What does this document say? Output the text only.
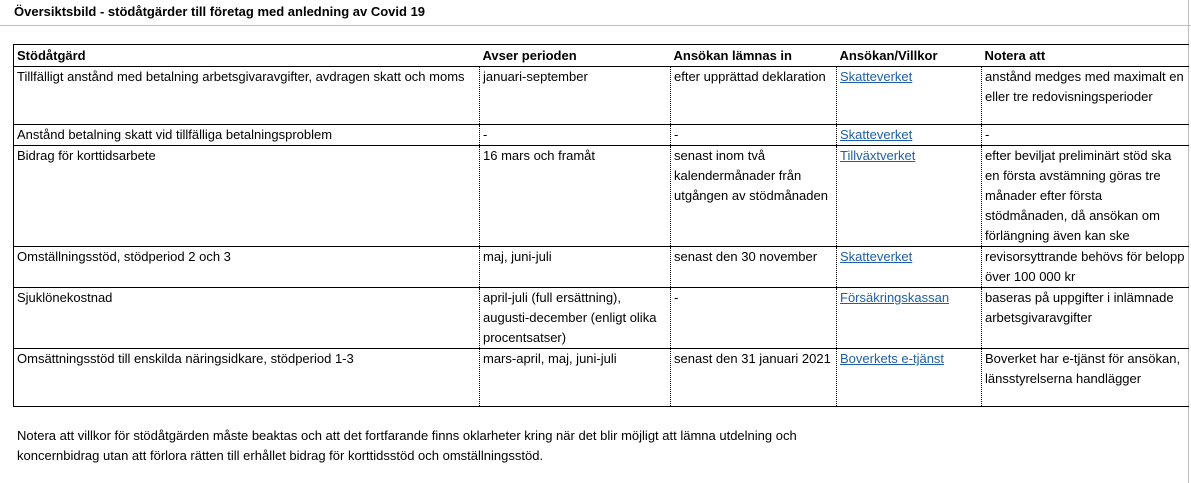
Översiktsbild - stödåtgärder till företag med anledning av Covid 19
Stödåtgärd	Avser perioden	Ansökan lämnas in	Ansökan/Villkor	Notera att
Tillfälligt anstånd med betalning arbetsgivaravgifter, avdragen skatt och moms	januari-september	efter upprättad deklaration	Skatteverket	anstånd medges med maximalt en eller tre redovisningsperioder
Anstånd betalning skatt vid tillfälliga betalningsproblem	-	-	Skatteverket	-
Bidrag för korttidsarbete	16 mars och framåt	senast inom två kalendermånader från utgången av stödmånaden	Tillväxtverket	efter beviljat preliminärt stöd ska en första avstämning göras tre månader efter första stödmånaden, då ansökan om förlängning även kan ske
Omställningsstöd, stödperiod 2 och 3	maj, juni-juli	senast den 30 november	Skatteverket	revisorsyttrande behövs för belopp över 100 000 kr
Sjuklönekostnad	april-juli (full ersättning), augusti-december (enligt olika procentsatser)	-	Försäkringskassan	baseras på uppgifter i inlämnade arbetsgivaravgifter
Omsättningsstöd till enskilda näringsidkare, stödperiod 1-3	mars-april, maj, juni-juli	senast den 31 januari 2021	Boverkets e-tjänst	Boverket har e-tjänst för ansökan, länsstyrelserna handlägger

Notera att villkor för stödåtgärden måste beaktas och att det fortfarande finns oklarheter kring när det blir möjligt att lämna utdelning och

koncernbidrag utan att förlora rätten till erhållet bidrag för korttidsstöd och omställningsstöd.
